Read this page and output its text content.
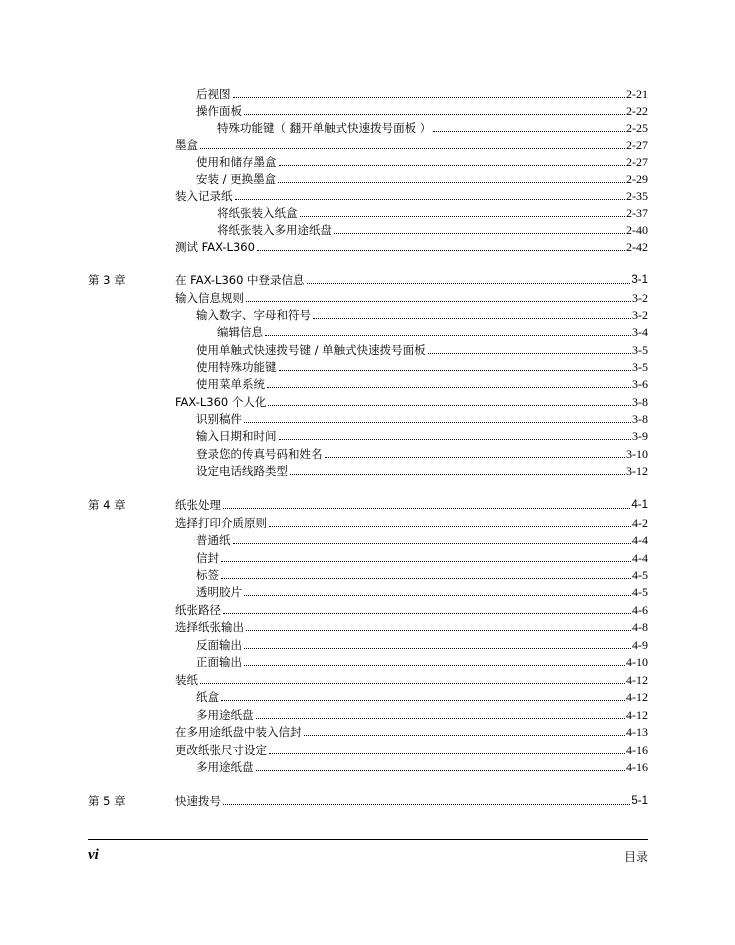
后视图	2-21
操作面板	2-22
特殊功能键（ 翻开单触式快速拨号面板 ）	2-25
墨盒	2-27
使用和储存墨盒	2-27
安装 / 更换墨盒	2-29
装入记录纸	2-35
将纸张装入纸盒	2-37
将纸张装入多用途纸盘	2-40
测试 FAX-L360	2-42
第 3 章	在 FAX-L360 中登录信息	3-1
输入信息规则	3-2
输入数字、字母和符号	3-2
编辑信息	3-4
使用单触式快速拨号键 / 单触式快速拨号面板	3-5
使用特殊功能键	3-5
使用菜单系统	3-6
FAX-L360 个人化	3-8
识别稿件	3-8
输入日期和时间	3-9
登录您的传真号码和姓名	3-10
设定电话线路类型	3-12
第 4 章	纸张处理	4-1
选择打印介质原则	4-2
普通纸	4-4
信封	4-4
标签	4-5
透明胶片	4-5
纸张路径	4-6
选择纸张输出	4-8
反面输出	4-9
正面输出	4-10
装纸	4-12
纸盒	4-12
多用途纸盘	4-12
在多用途纸盘中装入信封	4-13
更改纸张尺寸设定	4-16
多用途纸盘	4-16
第 5 章	快速拨号	5-1
vi	目录
